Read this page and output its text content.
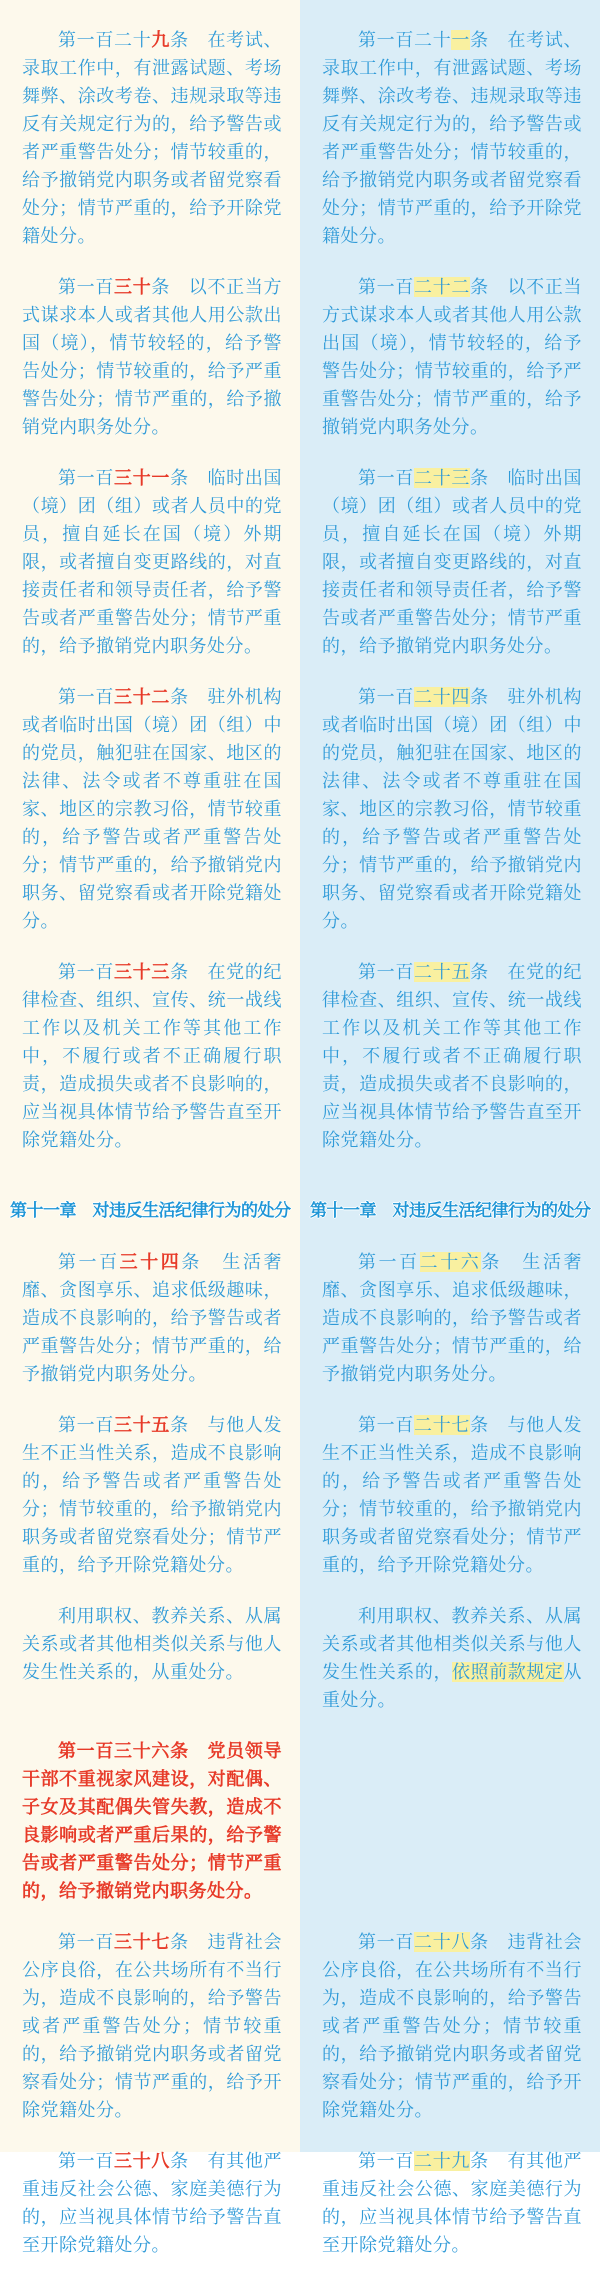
第一百二十九条　在考试、录取工作中，有泄露试题、考场舞弊、涂改考卷、违规录取等违反有关规定行为的，给予警告或者严重警告处分；情节较重的，给予撤销党内职务或者留党察看处分；情节严重的，给予开除党籍处分。
第一百二十一条　在考试、录取工作中，有泄露试题、考场舞弊、涂改考卷、违规录取等违反有关规定行为的，给予警告或者严重警告处分；情节较重的，给予撤销党内职务或者留党察看处分；情节严重的，给予开除党籍处分。
第一百三十条　以不正当方式谋求本人或者其他人用公款出国（境），情节较轻的，给予警告处分；情节较重的，给予严重警告处分；情节严重的，给予撤销党内职务处分。
第一百二十二条　以不正当方式谋求本人或者其他人用公款出国（境），情节较轻的，给予警告处分；情节较重的，给予严重警告处分；情节严重的，给予撤销党内职务处分。
第一百三十一条　临时出国（境）团（组）或者人员中的党员，擅自延长在国（境）外期限，或者擅自变更路线的，对直接责任者和领导责任者，给予警告或者严重警告处分；情节严重的，给予撤销党内职务处分。
第一百二十三条　临时出国（境）团（组）或者人员中的党员，擅自延长在国（境）外期限，或者擅自变更路线的，对直接责任者和领导责任者，给予警告或者严重警告处分；情节严重的，给予撤销党内职务处分。
第一百三十二条　驻外机构或者临时出国（境）团（组）中的党员，触犯驻在国家、地区的法律、法令或者不尊重驻在国家、地区的宗教习俗，情节较重的，给予警告或者严重警告处分；情节严重的，给予撤销党内职务、留党察看或者开除党籍处分。
第一百二十四条　驻外机构或者临时出国（境）团（组）中的党员，触犯驻在国家、地区的法律、法令或者不尊重驻在国家、地区的宗教习俗，情节较重的，给予警告或者严重警告处分；情节严重的，给予撤销党内职务、留党察看或者开除党籍处分。
第一百三十三条　在党的纪律检查、组织、宣传、统一战线工作以及机关工作等其他工作中，不履行或者不正确履行职责，造成损失或者不良影响的，应当视具体情节给予警告直至开除党籍处分。
第一百二十五条　在党的纪律检查、组织、宣传、统一战线工作以及机关工作等其他工作中，不履行或者不正确履行职责，造成损失或者不良影响的，应当视具体情节给予警告直至开除党籍处分。
第十一章　对违反生活纪律行为的处分 第十一章　对违反生活纪律行为的处分
第一百三十四条　生活奢靡、贪图享乐、追求低级趣味，造成不良影响的，给予警告或者严重警告处分；情节严重的，给予撤销党内职务处分。
第一百二十六条　生活奢靡、贪图享乐、追求低级趣味，造成不良影响的，给予警告或者严重警告处分；情节严重的，给予撤销党内职务处分。
第一百三十五条　与他人发生不正当性关系，造成不良影响的，给予警告或者严重警告处分；情节较重的，给予撤销党内职务或者留党察看处分；情节严重的，给予开除党籍处分。
利用职权、教养关系、从属关系或者其他相类似关系与他人发生性关系的，从重处分。
第一百二十七条　与他人发生不正当性关系，造成不良影响的，给予警告或者严重警告处分；情节较重的，给予撤销党内职务或者留党察看处分；情节严重的，给予开除党籍处分。
利用职权、教养关系、从属关系或者其他相类似关系与他人发生性关系的，依照前款规定从重处分。
第一百三十六条　党员领导干部不重视家风建设，对配偶、子女及其配偶失管失教，造成不良影响或者严重后果的，给予警告或者严重警告处分；情节严重的，给予撤销党内职务处分。
第一百三十七条　违背社会公序良俗，在公共场所有不当行为，造成不良影响的，给予警告或者严重警告处分；情节较重的，给予撤销党内职务或者留党察看处分；情节严重的，给予开除党籍处分。
第一百二十八条　违背社会公序良俗，在公共场所有不当行为，造成不良影响的，给予警告或者严重警告处分；情节较重的，给予撤销党内职务或者留党察看处分；情节严重的，给予开除党籍处分。
第一百三十八条　有其他严重违反社会公德、家庭美德行为的，应当视具体情节给予警告直至开除党籍处分。
第一百二十九条　有其他严重违反社会公德、家庭美德行为的，应当视具体情节给予警告直至开除党籍处分。
